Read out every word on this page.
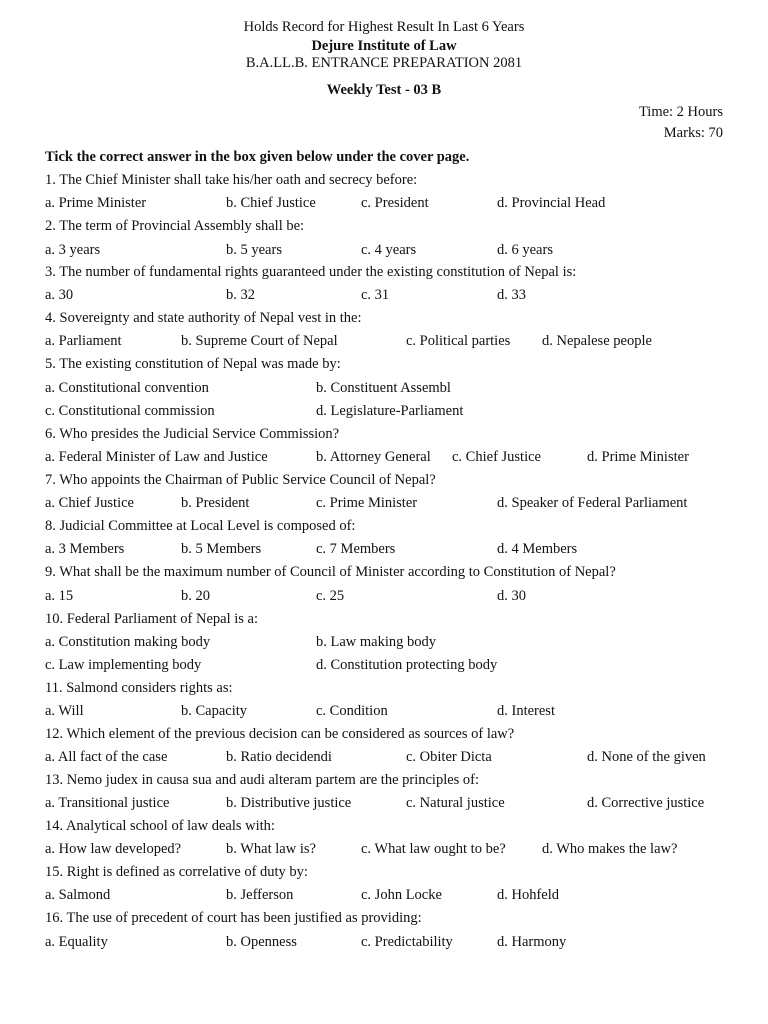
Holds Record for Highest Result In Last 6 Years
Dejure Institute of Law
B.A.LL.B. ENTRANCE PREPARATION 2081
Weekly Test - 03 B
Time: 2 Hours
Marks: 70
Tick the correct answer in the box given below under the cover page.
1. The Chief Minister shall take his/her oath and secrecy before:
a. Prime Minister	b. Chief Justice	c. President	d. Provincial Head
2. The term of Provincial Assembly shall be:
a. 3 years	b. 5 years	c. 4 years	d. 6 years
3. The number of fundamental rights guaranteed under the existing constitution of Nepal is:
a. 30	b. 32	c. 31	d. 33
4. Sovereignty and state authority of Nepal vest in the:
a. Parliament	b. Supreme Court of Nepal	c. Political parties d. Nepalese people
5. The existing constitution of Nepal was made by:
a. Constitutional convention	b. Constituent Assembl
c. Constitutional commission	d. Legislature-Parliament
6. Who presides the Judicial Service Commission?
a. Federal Minister of Law and Justice	b. Attorney General c. Chief Justice	d. Prime Minister
7. Who appoints the Chairman of Public Service Council of Nepal?
a. Chief Justice	b. President	c. Prime Minister	d. Speaker of Federal Parliament
8. Judicial Committee at Local Level is composed of:
a. 3 Members	b. 5 Members	c. 7 Members	d. 4 Members
9. What shall be the maximum number of Council of Minister according to Constitution of Nepal?
a. 15	b. 20	c. 25	d. 30
10. Federal Parliament of Nepal is a:
a. Constitution making body	b. Law making body
c. Law implementing body	d. Constitution protecting body
11. Salmond considers rights as:
a. Will	b. Capacity	c. Condition	d. Interest
12. Which element of the previous decision can be considered as sources of law?
a. All fact of the case	b. Ratio decidendi	c. Obiter Dicta	d. None of the given
13. Nemo judex in causa sua and audi alteram partem are the principles of:
a. Transitional justice	b. Distributive justice	c. Natural justice	d. Corrective justice
14. Analytical school of law deals with:
a. How law developed?	b. What law is?	c. What law ought to be?	d. Who makes the law?
15. Right is defined as correlative of duty by:
a. Salmond	b. Jefferson	c. John Locke	d. Hohfeld
16. The use of precedent of court has been justified as providing:
a. Equality	b. Openness	c. Predictability	d. Harmony
